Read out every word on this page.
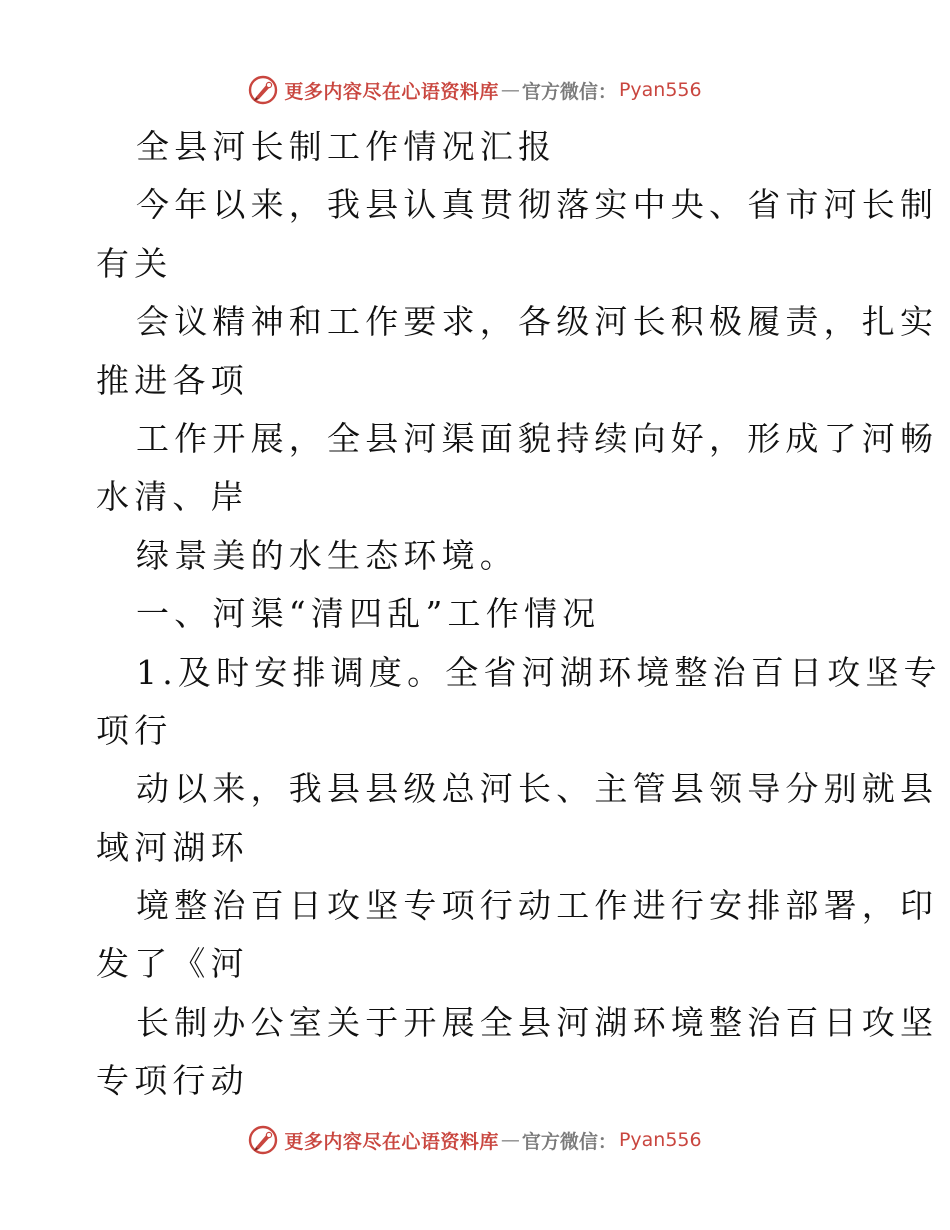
更多内容尽在心语资料库 — 官方微信： Pyan556
全县河长制工作情况汇报
今年以来，我县认真贯彻落实中央、省市河长制
有关
会议精神和工作要求，各级河长积极履责，扎实
推进各项
工作开展，全县河渠面貌持续向好，形成了河畅
水清、岸
绿景美的水生态环境。
一、河渠“清四乱”工作情况
1.及时安排调度。全省河湖环境整治百日攻坚专
项行
动以来，我县县级总河长、主管县领导分别就县
域河湖环
境整治百日攻坚专项行动工作进行安排部署，印
发了《河
长制办公室关于开展全县河湖环境整治百日攻坚
专项行动
更多内容尽在心语资料库 — 官方微信： Pyan556
